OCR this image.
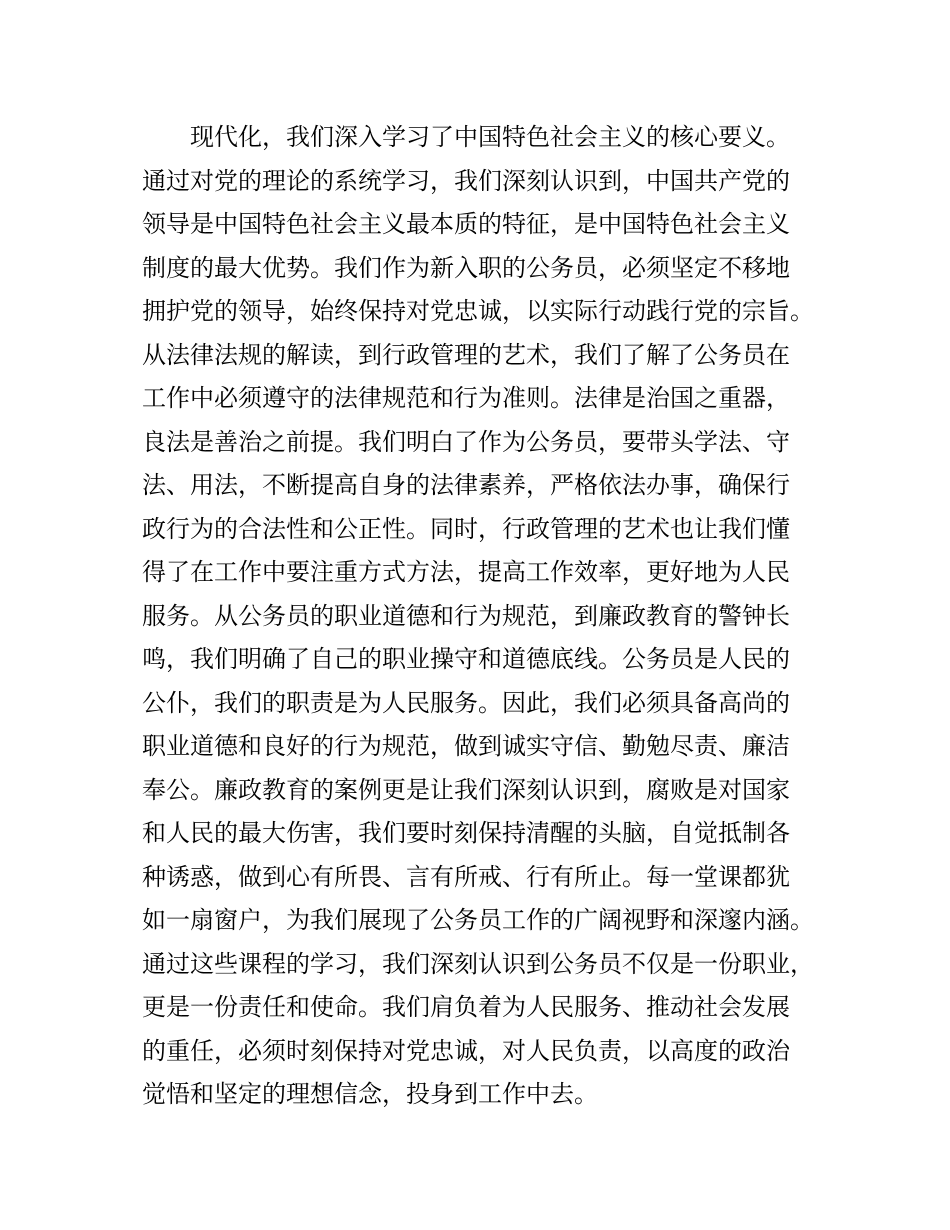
现代化，我们深入学习了中国特色社会主义的核心要义。
通过对党的理论的系统学习，我们深刻认识到，中国共产党的
领导是中国特色社会主义最本质的特征，是中国特色社会主义
制度的最大优势。我们作为新入职的公务员，必须坚定不移地
拥护党的领导，始终保持对党忠诚，以实际行动践行党的宗旨。
从法律法规的解读，到行政管理的艺术，我们了解了公务员在
工作中必须遵守的法律规范和行为准则。法律是治国之重器，
良法是善治之前提。我们明白了作为公务员，要带头学法、守
法、用法，不断提高自身的法律素养，严格依法办事，确保行
政行为的合法性和公正性。同时，行政管理的艺术也让我们懂
得了在工作中要注重方式方法，提高工作效率，更好地为人民
服务。从公务员的职业道德和行为规范，到廉政教育的警钟长
鸣，我们明确了自己的职业操守和道德底线。公务员是人民的
公仆，我们的职责是为人民服务。因此，我们必须具备高尚的
职业道德和良好的行为规范，做到诚实守信、勤勉尽责、廉洁
奉公。廉政教育的案例更是让我们深刻认识到，腐败是对国家
和人民的最大伤害，我们要时刻保持清醒的头脑，自觉抵制各
种诱惑，做到心有所畏、言有所戒、行有所止。每一堂课都犹
如一扇窗户，为我们展现了公务员工作的广阔视野和深邃内涵。
通过这些课程的学习，我们深刻认识到公务员不仅是一份职业，
更是一份责任和使命。我们肩负着为人民服务、推动社会发展
的重任，必须时刻保持对党忠诚，对人民负责，以高度的政治
觉悟和坚定的理想信念，投身到工作中去。
